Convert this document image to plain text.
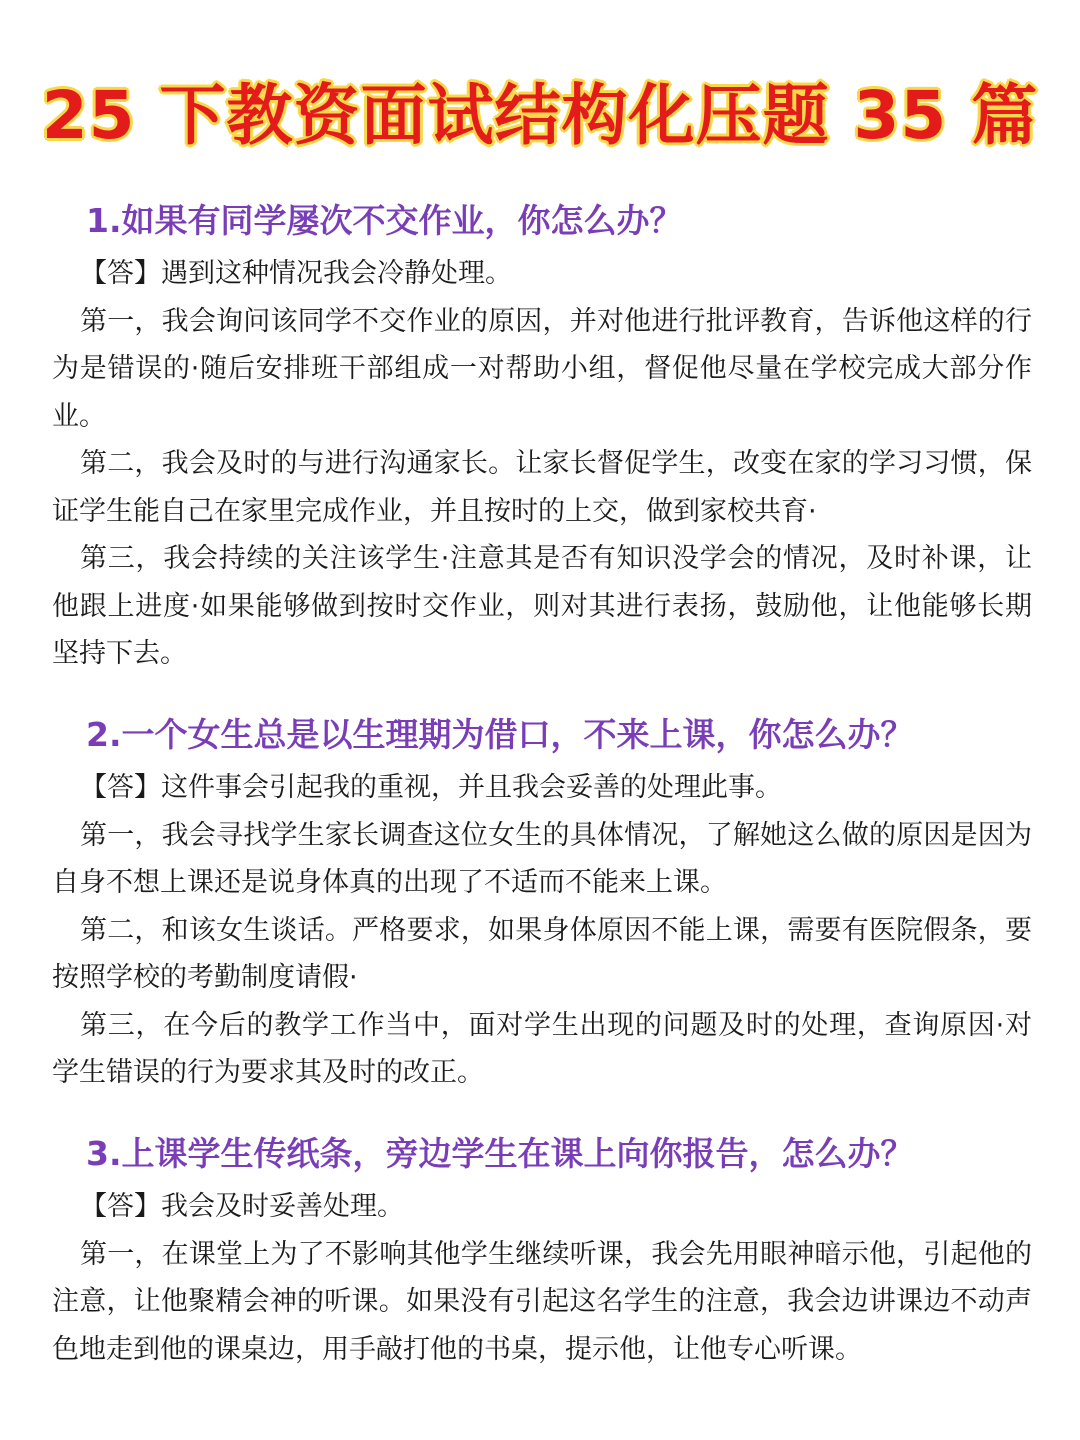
25 下教资面试结构化压题 35 篇
1.如果有同学屡次不交作业，你怎么办？
【答】遇到这种情况我会冷静处理。

第一，我会询问该同学不交作业的原因，并对他进行批评教育，告诉他这样的行为是错误的·随后安排班干部组成一对帮助小组，督促他尽量在学校完成大部分作业。

第二，我会及时的与进行沟通家长。让家长督促学生，改变在家的学习习惯，保证学生能自己在家里完成作业，并且按时的上交，做到家校共育·

第三，我会持续的关注该学生·注意其是否有知识没学会的情况，及时补课，让他跟上进度·如果能够做到按时交作业，则对其进行表扬，鼓励他，让他能够长期坚持下去。

2.一个女生总是以生理期为借口，不来上课，你怎么办？
【答】这件事会引起我的重视，并且我会妥善的处理此事。

第一，我会寻找学生家长调查这位女生的具体情况，了解她这么做的原因是因为自身不想上课还是说身体真的出现了不适而不能来上课。

第二，和该女生谈话。严格要求，如果身体原因不能上课，需要有医院假条，要按照学校的考勤制度请假·

第三，在今后的教学工作当中，面对学生出现的问题及时的处理，查询原因·对学生错误的行为要求其及时的改正。

3.上课学生传纸条，旁边学生在课上向你报告，怎么办？
【答】我会及时妥善处理。

第一，在课堂上为了不影响其他学生继续听课，我会先用眼神暗示他，引起他的注意，让他聚精会神的听课。如果没有引起这名学生的注意，我会边讲课边不动声色地走到他的课桌边，用手敲打他的书桌，提示他，让他专心听课。
